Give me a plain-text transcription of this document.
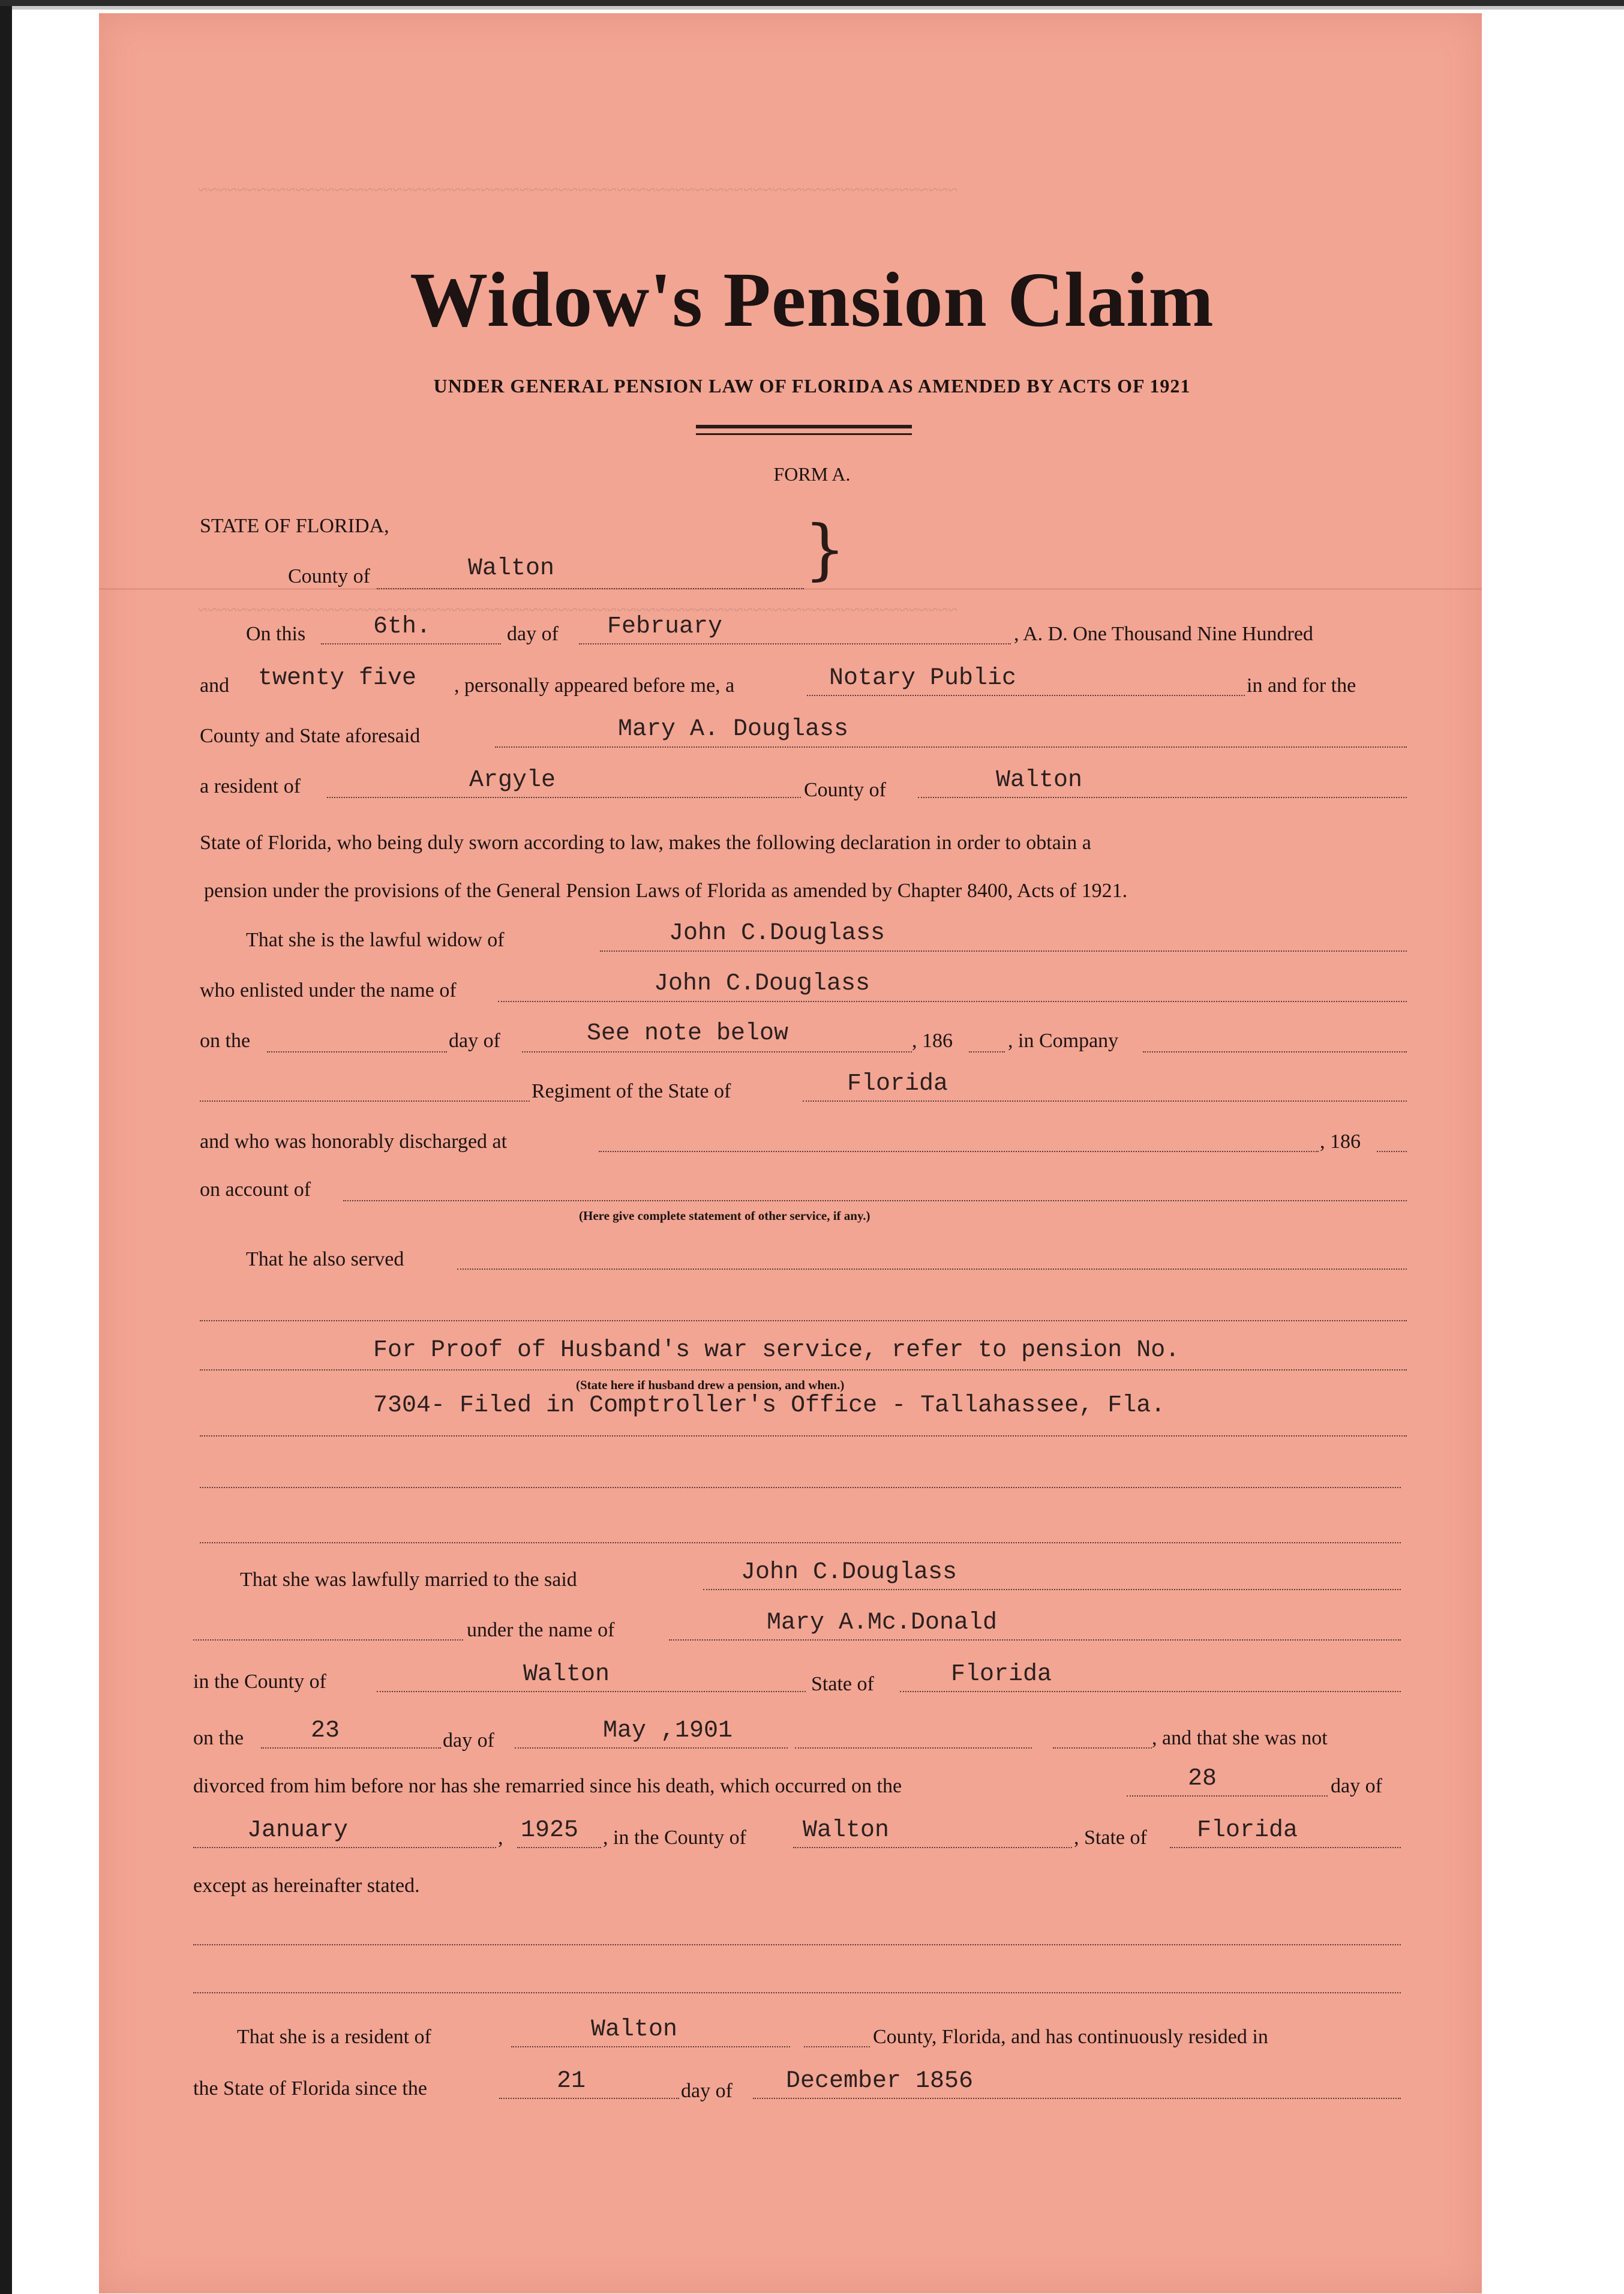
~~~~~~~~~~~~~~~~~~~~~~~~~~~~~~~~~~~~~~~~~~~~~~~~~~~~~~~~~~~~~~~~~~~~~~~~~~~~~~
~~~~~~~~~~~~~~~~~~~~~~~~~~~~~~~~~~~~~~~~~~~~~~~~~~~~~~~~~~~~~~~~~~~~~~~~~~~~~~
Widow's Pension Claim
UNDER GENERAL PENSION LAW OF FLORIDA AS AMENDED BY ACTS OF 1921
FORM A.
STATE OF FLORIDA,
County of	Walton	}
On this	6th.	day of February	, A. D. One Thousand Nine Hundred
and twenty five , personally appeared before me, a	Notary Public	in and for the
County and State aforesaid	Mary A. Douglass
a resident of	Argyle	County of	Walton
State of Florida, who being duly sworn according to law, makes the following declaration in order to obtain a
pension under the provisions of the General Pension Laws of Florida as amended by Chapter 8400, Acts of 1921.
That she is the lawful widow of	John C.Douglass
who enlisted under the name of	John C.Douglass
on the	day of	See note below	, 186	, in Company
Regiment of the State of	Florida
and who was honorably discharged at	, 186
on account of
(Here give complete statement of other service, if any.)
That he also served
For Proof of Husband's war service, refer to pension No.
(State here if husband drew a pension, and when.)
7304- Filed in Comptroller's Office - Tallahassee, Fla.
That she was lawfully married to the said	John C.Douglass
under the name of	Mary A.Mc.Donald
in the County of	Walton	State of	Florida
on the	23	day of	May ,1901	, and that she was not
divorced from him before nor has she remarried since his death, which occurred on the	28	day of
January	, 1925 , in the County of Walton	, State of Florida
except as hereinafter stated.
That she is a resident of	Walton	County, Florida, and has continuously resided in
the State of Florida since the	21	day of December 1856
